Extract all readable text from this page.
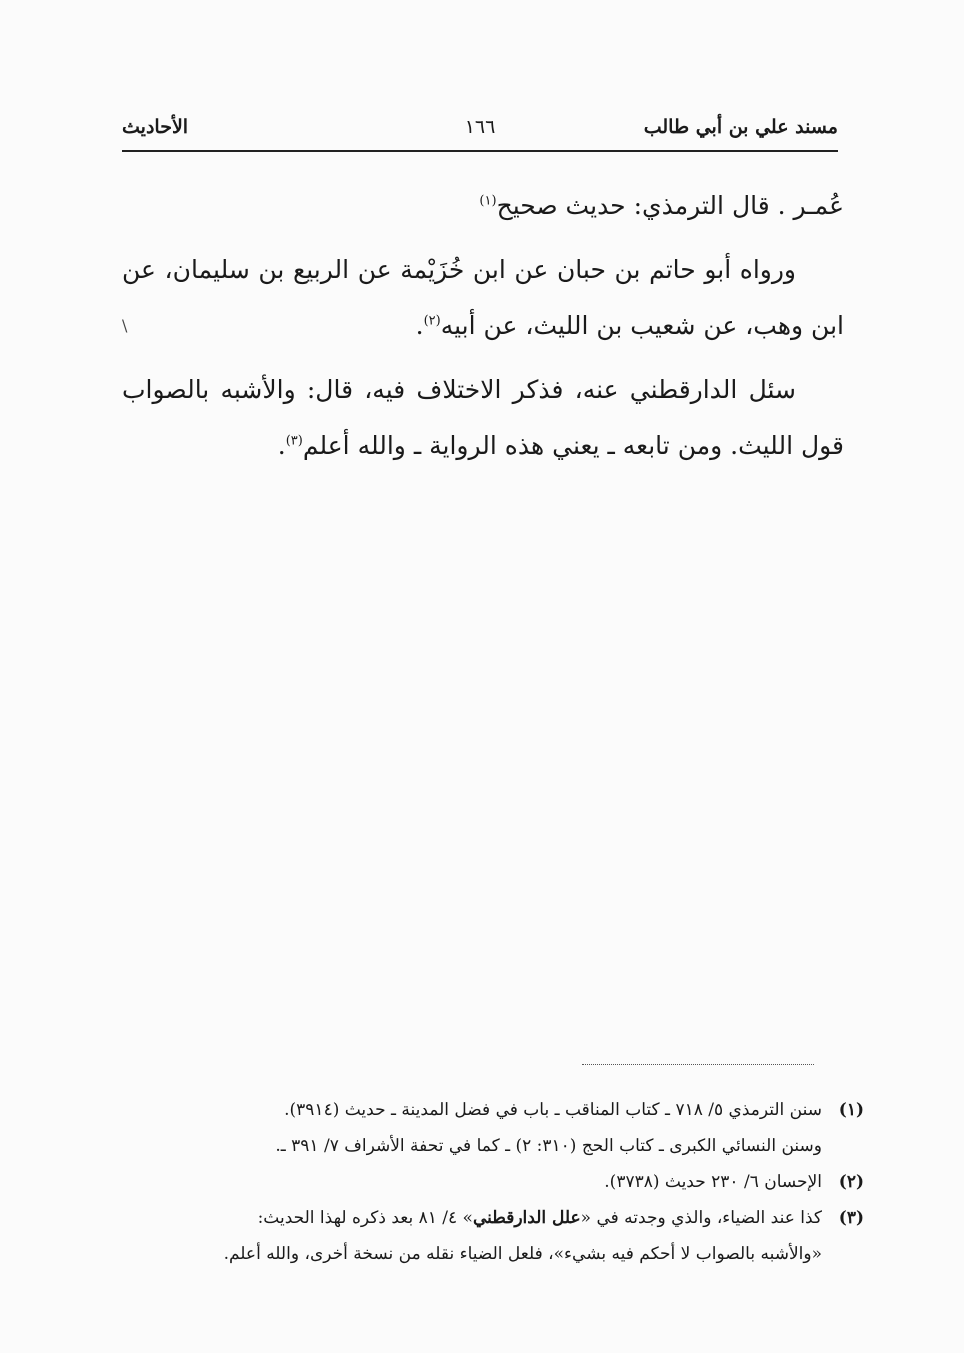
مسند علي بن أبي طالب
١٦٦
الأحاديث

عُمـر . قال الترمذي: حديث صحيح$^{(١)}$

ورواه أبو حاتم بن حبان عن ابن خُزَيْمة عن الربيع بن سليمان، عن ابن وهب، عن شعيب بن الليث، عن أبيه$^{(٢)}$.

سئل الدارقطني عنه، فذكر الاختلاف فيه، قال: والأشبه بالصواب قول الليث. ومن تابعه ـ يعني هذه الرواية ـ والله أعلم$^{(٣)}$.

\
(١)
سنن الترمذي ٥/ ٧١٨ ـ كتاب المناقب ـ باب في فضل المدينة ـ حديث (٣٩١٤).
وسنن النسائي الكبرى ـ كتاب الحج (٣١٠: ٢) ـ كما في تحفة الأشراف ٧/ ٣٩١ ـ.
(٢)
الإحسان ٦/ ٢٣٠ حديث (٣٧٣٨).
(٣)
كذا عند الضياء، والذي وجدته في «علل الدارقطني» ٤/ ٨١ بعد ذكره لهذا الحديث:
«والأشبه بالصواب لا أحكم فيه بشيء»، فلعل الضياء نقله من نسخة أخرى، والله أعلم.
